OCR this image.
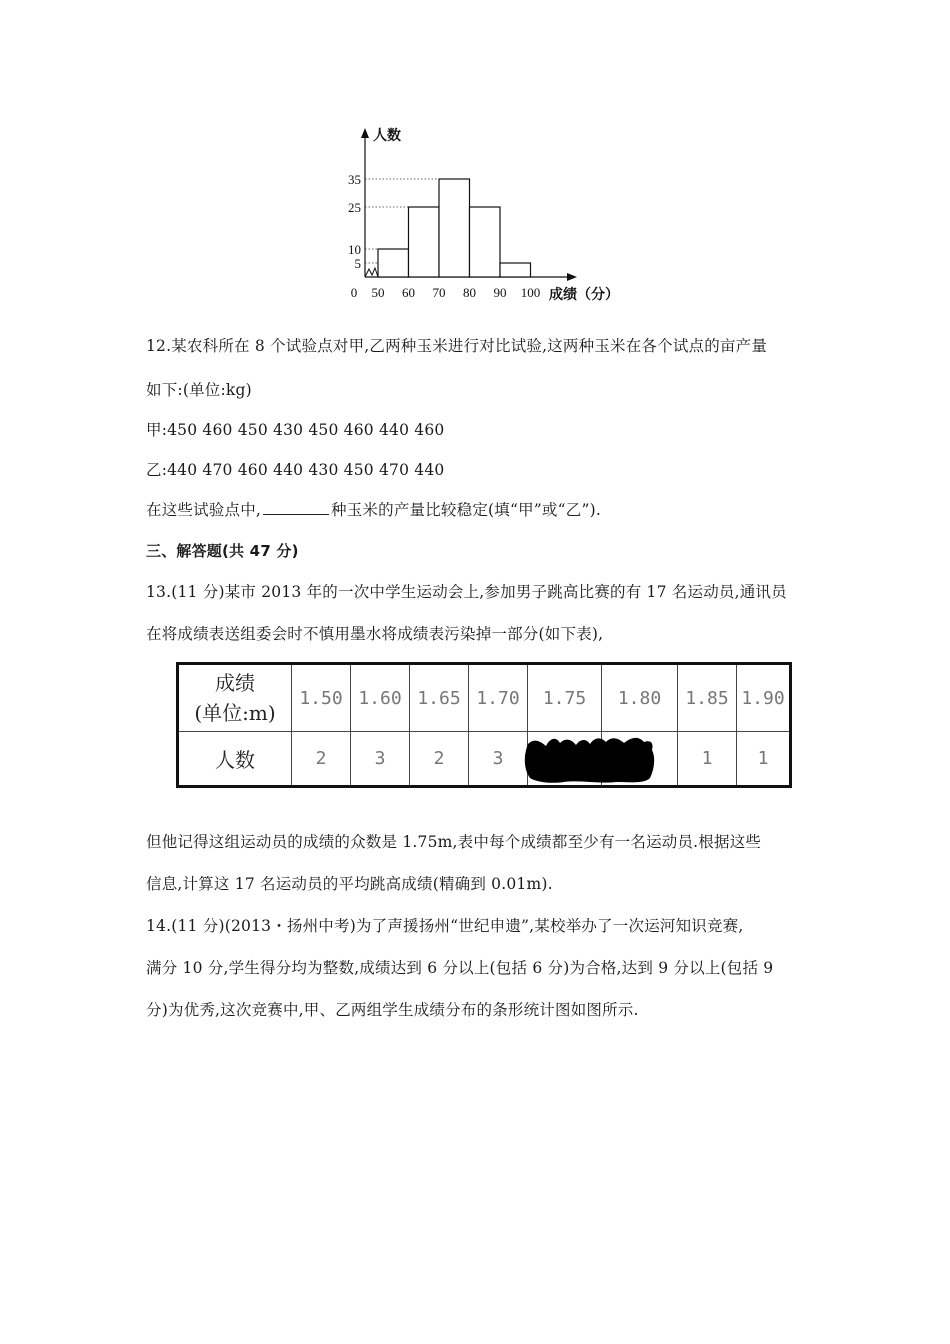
5
10
25
35
0 50 60 70 80 90 100
人数
成绩（分）
12.某农科所在 8 个试验点对甲,乙两种玉米进行对比试验,这两种玉米在各个试点的亩产量
如下:(单位:kg)
甲:450 460 450 430 450 460 440 460
乙:440 470 460 440 430 450 470 440
在这些试验点中,	种玉米的产量比较稳定(填“甲”或“乙”).
三、解答题(共 47 分)
13.(11 分)某市 2013 年的一次中学生运动会上,参加男子跳高比赛的有 17 名运动员,通讯员
在将成绩表送组委会时不慎用墨水将成绩表污染掉一部分(如下表),
成绩
(单位:m)	1.50	1.60	1.65	1.70	1.75	1.80	1.85	1.90
人数	2	3	2	3			1	1
但他记得这组运动员的成绩的众数是 1.75m,表中每个成绩都至少有一名运动员.根据这些
信息,计算这 17 名运动员的平均跳高成绩(精确到 0.01m).
14.(11 分)(2013・扬州中考)为了声援扬州“世纪申遗”,某校举办了一次运河知识竞赛,
满分 10 分,学生得分均为整数,成绩达到 6 分以上(包括 6 分)为合格,达到 9 分以上(包括 9
分)为优秀,这次竞赛中,甲、乙两组学生成绩分布的条形统计图如图所示.
